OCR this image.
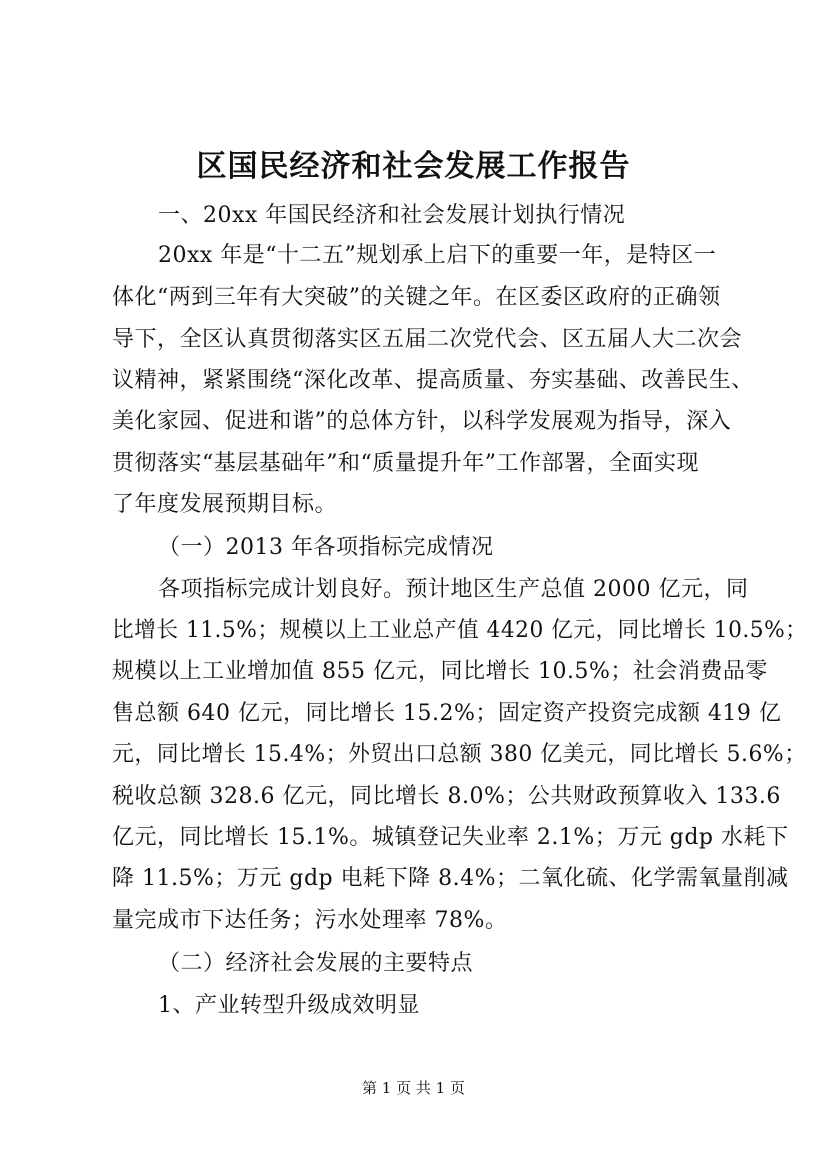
区国民经济和社会发展工作报告
一、20xx 年国民经济和社会发展计划执行情况
20xx 年是“十二五”规划承上启下的重要一年，是特区一
体化“两到三年有大突破”的关键之年。在区委区政府的正确领
导下，全区认真贯彻落实区五届二次党代会、区五届人大二次会
议精神，紧紧围绕“深化改革、提高质量、夯实基础、改善民生、
美化家园、促进和谐”的总体方针，以科学发展观为指导，深入
贯彻落实“基层基础年”和“质量提升年”工作部署，全面实现
了年度发展预期目标。
（一）2013 年各项指标完成情况
各项指标完成计划良好。预计地区生产总值 2000 亿元，同
比增长 11.5%；规模以上工业总产值 4420 亿元，同比增长 10.5%；
规模以上工业增加值 855 亿元，同比增长 10.5%；社会消费品零
售总额 640 亿元，同比增长 15.2%；固定资产投资完成额 419 亿
元，同比增长 15.4%；外贸出口总额 380 亿美元，同比增长 5.6%；
税收总额 328.6 亿元，同比增长 8.0%；公共财政预算收入 133.6
亿元，同比增长 15.1%。城镇登记失业率 2.1%；万元 gdp 水耗下
降 11.5%；万元 gdp 电耗下降 8.4%；二氧化硫、化学需氧量削减
量完成市下达任务；污水处理率 78%。
（二）经济社会发展的主要特点
1、产业转型升级成效明显
第 1 页 共 1 页
